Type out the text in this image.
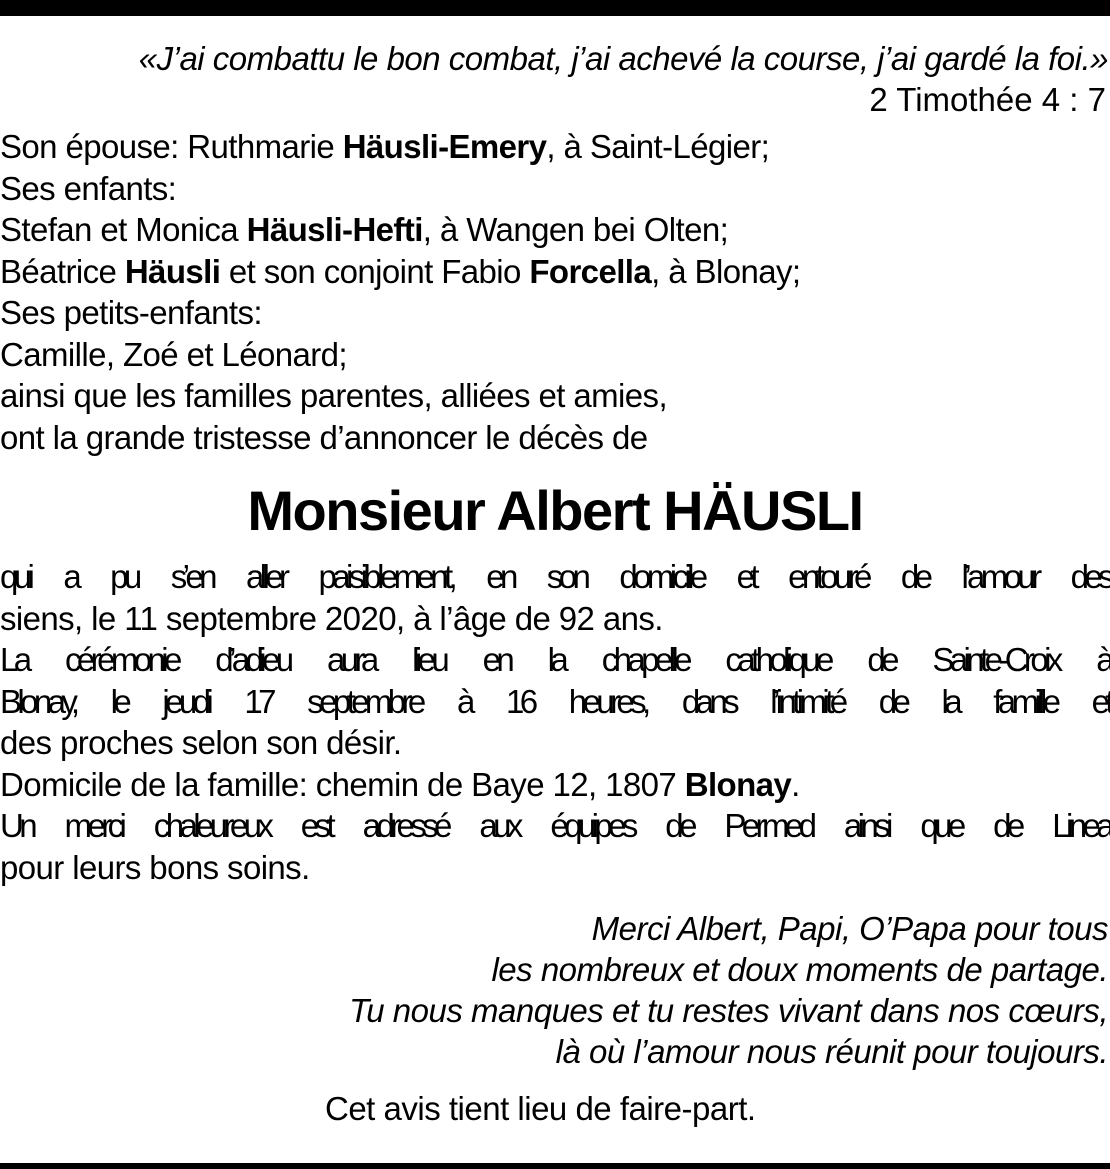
«J’ai combattu le bon combat, j’ai achevé la course, j’ai gardé la foi.»
2 Timothée 4 : 7
Son épouse: Ruthmarie Häusli-Emery, à Saint-Légier;
Ses enfants:
Stefan et Monica Häusli-Hefti, à Wangen bei Olten;
Béatrice Häusli et son conjoint Fabio Forcella, à Blonay;
Ses petits-enfants:
Camille, Zoé et Léonard;
ainsi que les familles parentes, alliées et amies,
ont la grande tristesse d’annoncer le décès de
Monsieur Albert HÄUSLI
qui a pu s’en aller paisiblement, en son domicile et entouré de l’amour des
siens, le 11 septembre 2020, à l’âge de 92 ans.
La cérémonie d’adieu aura lieu en la chapelle catholique de Sainte-Croix à
Blonay, le jeudi 17 septembre à 16 heures, dans l’intimité de la famille et
des proches selon son désir.
Domicile de la famille: chemin de Baye 12, 1807 Blonay.
Un merci chaleureux est adressé aux équipes de Permed ainsi que de Linea
pour leurs bons soins.
Merci Albert, Papi, O’Papa pour tous
les nombreux et doux moments de partage.
Tu nous manques et tu restes vivant dans nos cœurs,
là où l’amour nous réunit pour toujours.
Cet avis tient lieu de faire-part.
